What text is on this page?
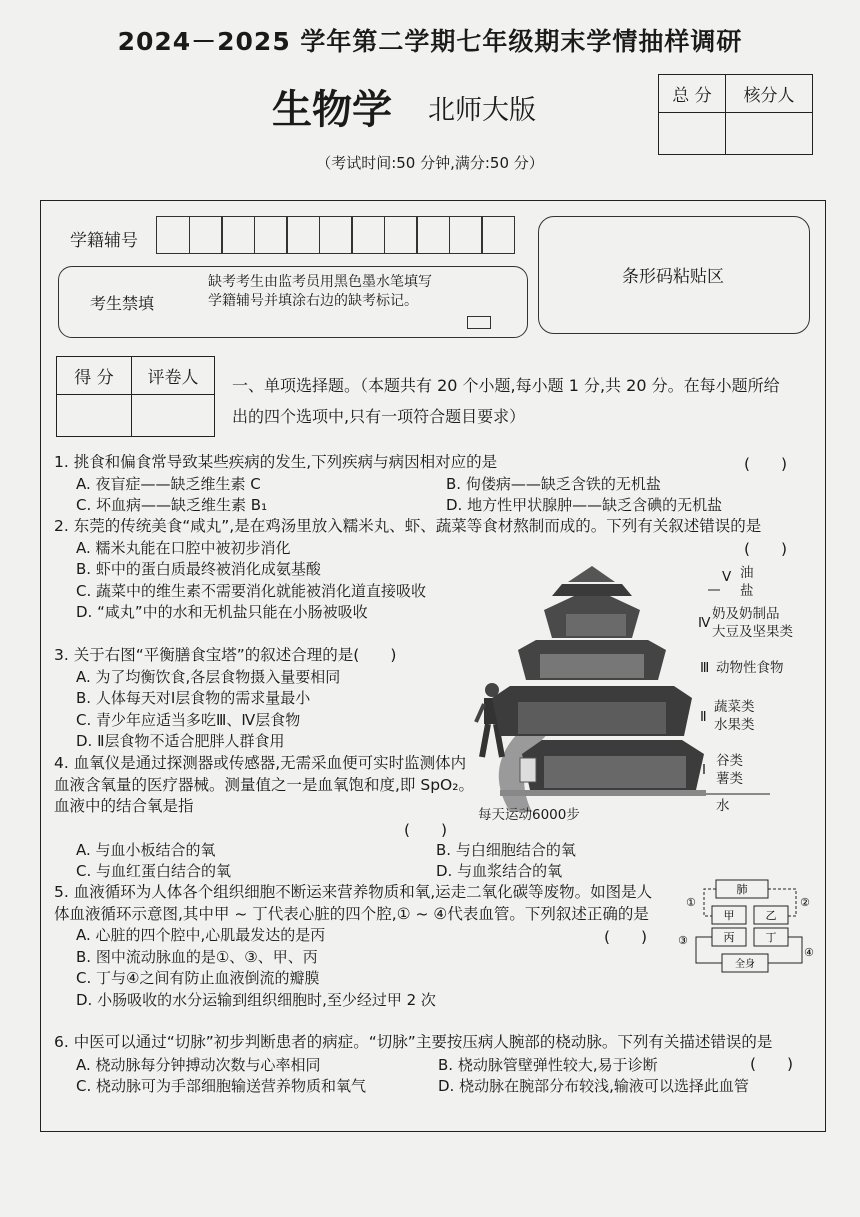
2024－2025 学年第二学期七年级期末学情抽样调研
生物学 北师大版
（考试时间:50 分钟,满分:50 分）
总 分	核分人

学籍辅号
考生禁填
缺考考生由监考员用黑色墨水笔填写学籍辅号并填涂右边的缺考标记。
条形码粘贴区
得 分	评卷人
	一、单项选择题。（本题共有 20 个小题,每小题 1 分,共 20 分。在每小题所给出的四个选项中,只有一项符合题目要求）
1. 挑食和偏食常导致某些疾病的发生,下列疾病与病因相对应的是
A. 夜盲症——缺乏维生素 C	B. 佝偻病——缺乏含铁的无机盐
C. 坏血病——缺乏维生素 B₁	D. 地方性甲状腺肿——缺乏含碘的无机盐
(　　)
2. 东莞的传统美食“咸丸”,是在鸡汤里放入糯米丸、虾、蔬菜等食材熬制而成的。下列有关叙述错误的是
A. 糯米丸能在口腔中被初步消化
B. 虾中的蛋白质最终被消化成氨基酸
C. 蔬菜中的维生素不需要消化就能被消化道直接吸收
D. “咸丸”中的水和无机盐只能在小肠被吸收
(　　)
3. 关于右图“平衡膳食宝塔”的叙述合理的是(　　)
A. 为了均衡饮食,各层食物摄入量要相同
B. 人体每天对Ⅰ层食物的需求量最小
C. 青少年应适当多吃Ⅲ、Ⅳ层食物
D. Ⅱ层食物不适合肥胖人群食用
4. 血氧仪是通过探测器或传感器,无需采血便可实时监测体内血液含氧量的医疗器械。测量值之一是血氧饱和度,即 SpO₂。血液中的结合氧是指
(　　)
A. 与血小板结合的氧	B. 与白细胞结合的氧
C. 与血红蛋白结合的氧	D. 与血浆结合的氧
5. 血液循环为人体各个组织细胞不断运来营养物质和氧,运走二氧化碳等废物。如图是人体血液循环示意图,其中甲 ~ 丁代表心脏的四个腔,① ~ ④代表血管。下列叙述正确的是
A. 心脏的四个腔中,心肌最发达的是丙
B. 图中流动脉血的是①、③、甲、丙
C. 丁与④之间有防止血液倒流的瓣膜
D. 小肠吸收的水分运输到组织细胞时,至少经过甲 2 次
(　　)
6. 中医可以通过“切脉”初步判断患者的病症。“切脉”主要按压病人腕部的桡动脉。下列有关描述错误的是
A. 桡动脉每分钟搏动次数与心率相同	B. 桡动脉管壁弹性较大,易于诊断
C. 桡动脉可为手部细胞输送营养物质和氧气	D. 桡动脉在腕部分布较浅,输液可以选择此血管
(　　)
Ⅴ 油
盐
Ⅳ
奶及奶制品
大豆及坚果类
Ⅲ 动物性食物
Ⅱ
蔬菜类
水果类
Ⅰ
谷类
薯类
水
每天运动6000步
肺
甲	乙
丙	丁
全身
①	②
③
④
